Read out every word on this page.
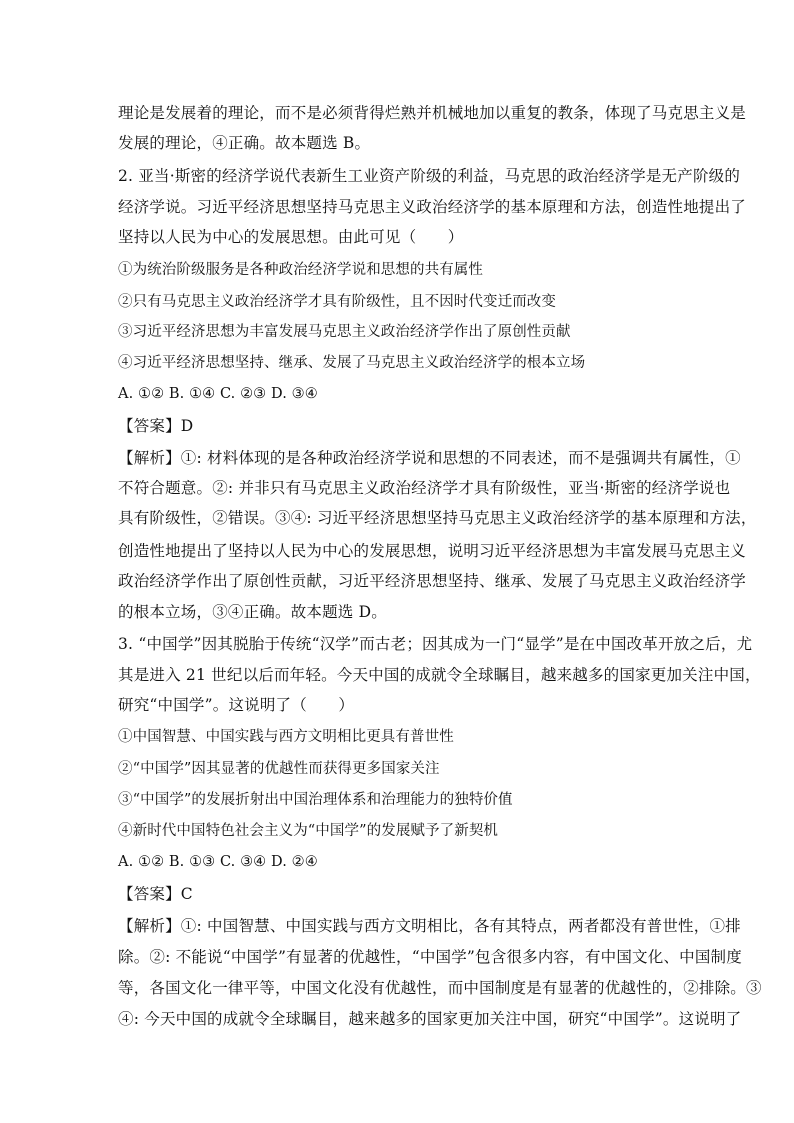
理论是发展着的理论，而不是必须背得烂熟并机械地加以重复的教条，体现了马克思主义是
发展的理论，④正确。故本题选 B。
2. 亚当·斯密的经济学说代表新生工业资产阶级的利益，马克思的政治经济学是无产阶级的
经济学说。习近平经济思想坚持马克思主义政治经济学的基本原理和方法，创造性地提出了
坚持以人民为中心的发展思想。由此可见（　　）
①为统治阶级服务是各种政治经济学说和思想的共有属性
②只有马克思主义政治经济学才具有阶级性，且不因时代变迁而改变
③习近平经济思想为丰富发展马克思主义政治经济学作出了原创性贡献
④习近平经济思想坚持、继承、发展了马克思主义政治经济学的根本立场
A. ①② B. ①④ C. ②③ D. ③④
【答案】D
【解析】①: 材料体现的是各种政治经济学说和思想的不同表述，而不是强调共有属性，①
不符合题意。②: 并非只有马克思主义政治经济学才具有阶级性，亚当·斯密的经济学说也
具有阶级性，②错误。③④: 习近平经济思想坚持马克思主义政治经济学的基本原理和方法，
创造性地提出了坚持以人民为中心的发展思想，说明习近平经济思想为丰富发展马克思主义
政治经济学作出了原创性贡献，习近平经济思想坚持、继承、发展了马克思主义政治经济学
的根本立场，③④正确。故本题选 D。
3. “中国学”因其脱胎于传统“汉学”而古老；因其成为一门“显学”是在中国改革开放之后，尤
其是进入 21 世纪以后而年轻。今天中国的成就令全球瞩目，越来越多的国家更加关注中国，
研究“中国学”。这说明了（　　）
①中国智慧、中国实践与西方文明相比更具有普世性
②“中国学”因其显著的优越性而获得更多国家关注
③“中国学”的发展折射出中国治理体系和治理能力的独特价值
④新时代中国特色社会主义为“中国学”的发展赋予了新契机
A. ①② B. ①③ C. ③④ D. ②④
【答案】C
【解析】①: 中国智慧、中国实践与西方文明相比，各有其特点，两者都没有普世性，①排
除。②: 不能说“中国学”有显著的优越性，“中国学”包含很多内容，有中国文化、中国制度
等，各国文化一律平等，中国文化没有优越性，而中国制度是有显著的优越性的，②排除。③
④: 今天中国的成就令全球瞩目，越来越多的国家更加关注中国，研究“中国学”。这说明了
